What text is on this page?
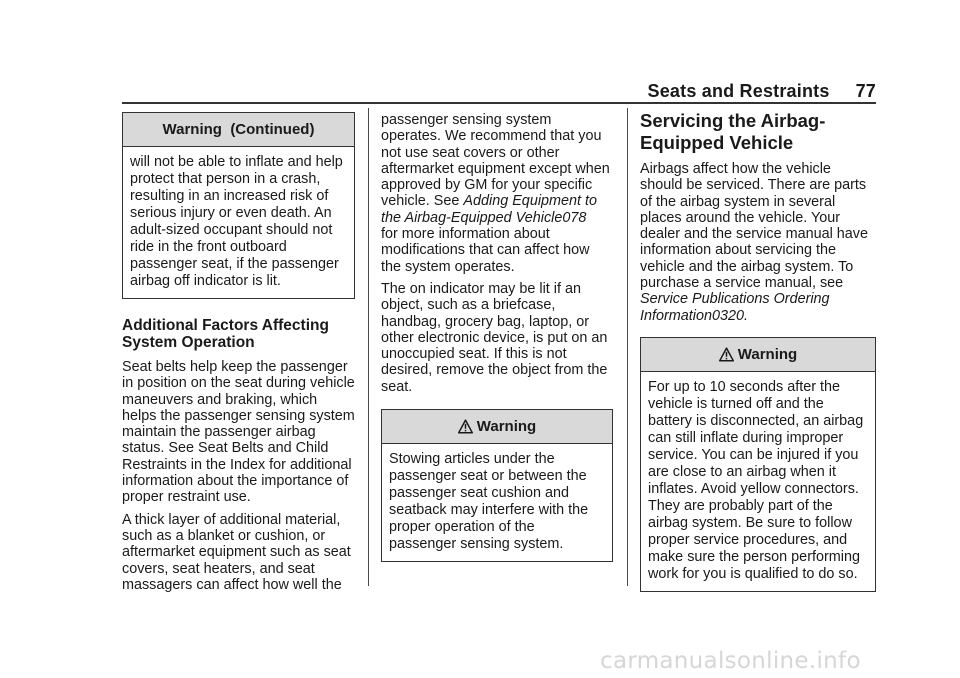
Seats and Restraints 77
Warning (Continued)
will not be able to inflate and help protect that person in a crash, resulting in an increased risk of serious injury or even death. An adult-sized occupant should not ride in the front outboard passenger seat, if the passenger airbag off indicator is lit.
Additional Factors Affecting System Operation

Seat belts help keep the passenger in position on the seat during vehicle maneuvers and braking, which helps the passenger sensing system maintain the passenger airbag status. See Seat Belts and Child Restraints in the Index for additional information about the importance of proper restraint use.

A thick layer of additional material, such as a blanket or cushion, or aftermarket equipment such as seat covers, seat heaters, and seat massagers can affect how well the

passenger sensing system operates. We recommend that you not use seat covers or other aftermarket equipment except when approved by GM for your specific vehicle. See Adding Equipment to the Airbag-Equipped Vehicle078
for more information about modifications that can affect how the system operates.

The on indicator may be lit if an object, such as a briefcase, handbag, grocery bag, laptop, or other electronic device, is put on an unoccupied seat. If this is not desired, remove the object from the seat.

Warning
Stowing articles under the passenger seat or between the passenger seat cushion and seatback may interfere with the proper operation of the passenger sensing system.
Servicing the Airbag-Equipped Vehicle

Airbags affect how the vehicle should be serviced. There are parts of the airbag system in several places around the vehicle. Your dealer and the service manual have information about servicing the vehicle and the airbag system. To purchase a service manual, see Service Publications Ordering Information0320.

Warning
For up to 10 seconds after the vehicle is turned off and the battery is disconnected, an airbag can still inflate during improper service. You can be injured if you are close to an airbag when it inflates. Avoid yellow connectors. They are probably part of the airbag system. Be sure to follow proper service procedures, and make sure the person performing work for you is qualified to do so.
carmanualsonline.info
